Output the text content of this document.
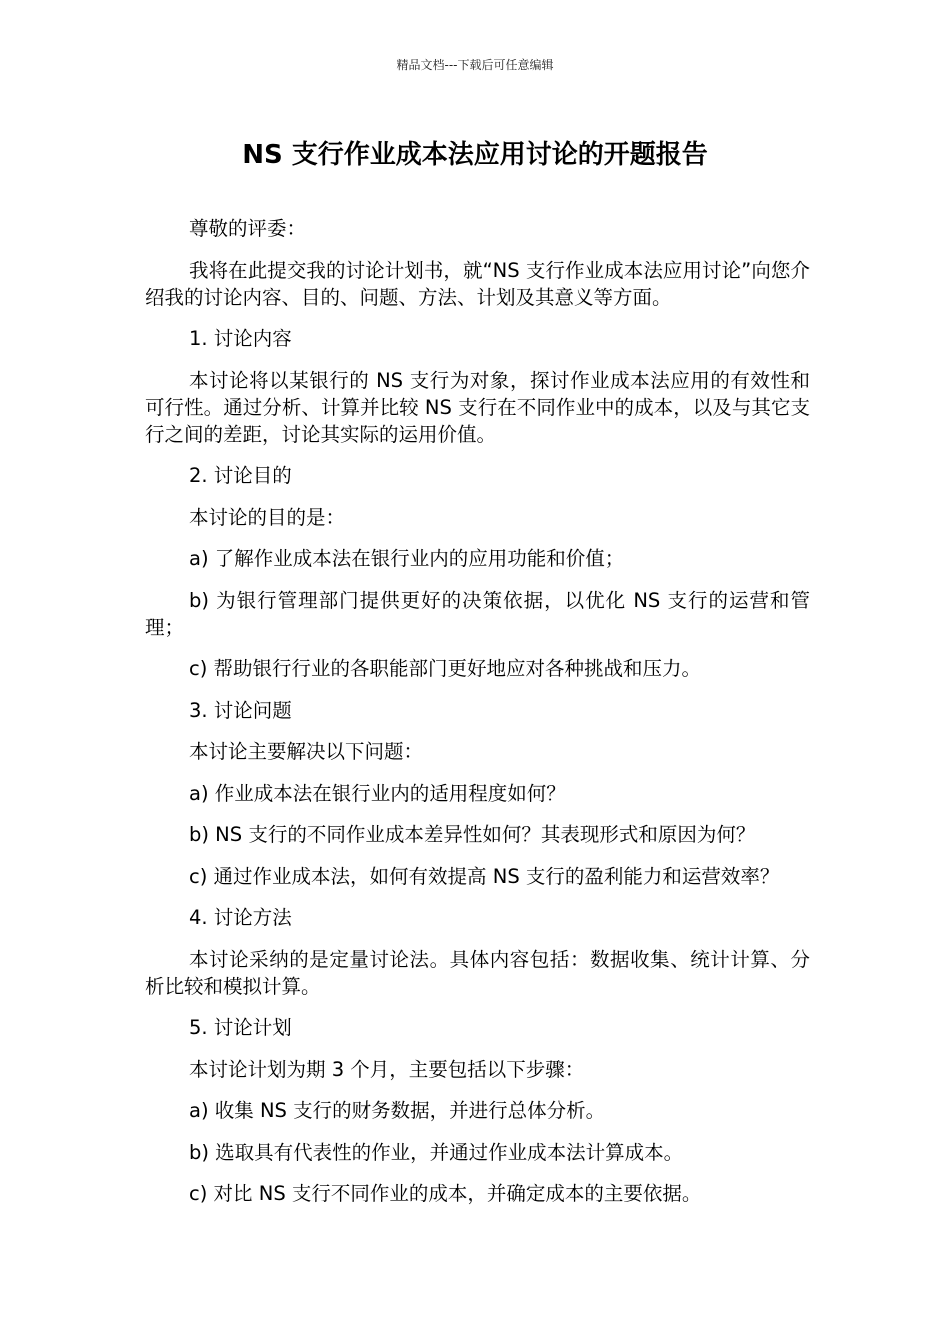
精品文档---下载后可任意编辑
NS 支行作业成本法应用讨论的开题报告

尊敬的评委：

我将在此提交我的讨论计划书，就“NS 支行作业成本法应用讨论”向您介绍我的讨论内容、目的、问题、方法、计划及其意义等方面。

1. 讨论内容

本讨论将以某银行的 NS 支行为对象，探讨作业成本法应用的有效性和可行性。通过分析、计算并比较 NS 支行在不同作业中的成本，以及与其它支行之间的差距，讨论其实际的运用价值。

2. 讨论目的

本讨论的目的是：

a) 了解作业成本法在银行业内的应用功能和价值；

b) 为银行管理部门提供更好的决策依据，以优化 NS 支行的运营和管理；

c) 帮助银行行业的各职能部门更好地应对各种挑战和压力。

3. 讨论问题

本讨论主要解决以下问题：

a) 作业成本法在银行业内的适用程度如何？

b) NS 支行的不同作业成本差异性如何？其表现形式和原因为何？

c) 通过作业成本法，如何有效提高 NS 支行的盈利能力和运营效率？

4. 讨论方法

本讨论采纳的是定量讨论法。具体内容包括：数据收集、统计计算、分析比较和模拟计算。

5. 讨论计划

本讨论计划为期 3 个月，主要包括以下步骤：

a) 收集 NS 支行的财务数据，并进行总体分析。

b) 选取具有代表性的作业，并通过作业成本法计算成本。

c) 对比 NS 支行不同作业的成本，并确定成本的主要依据。
